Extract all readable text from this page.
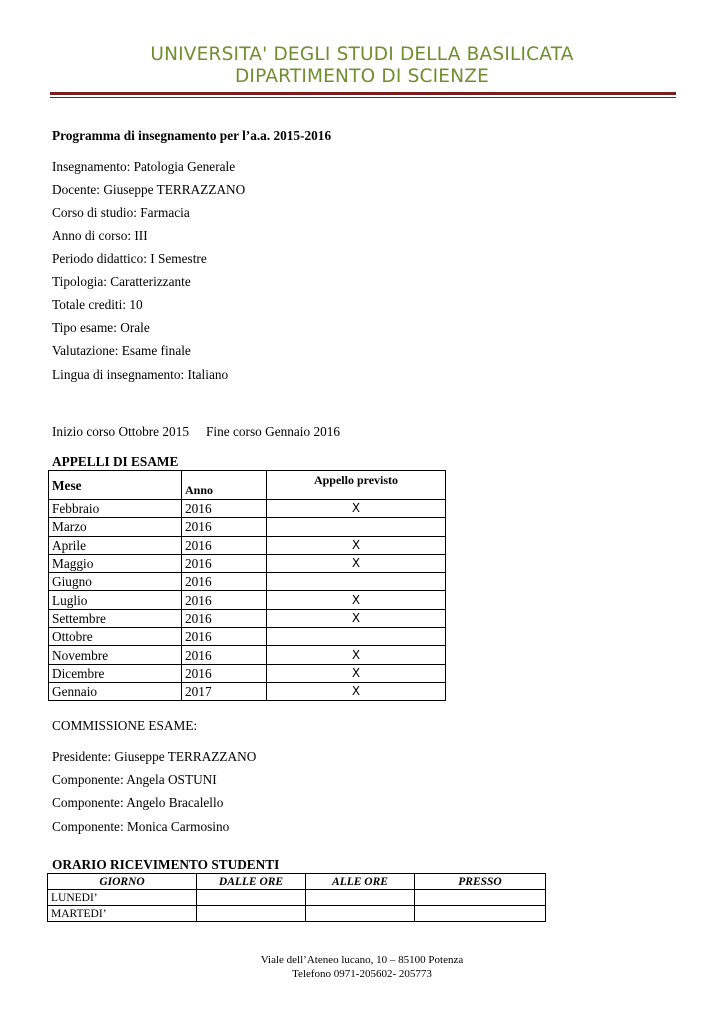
UNIVERSITA' DEGLI STUDI DELLA BASILICATA
DIPARTIMENTO DI SCIENZE
Programma di insegnamento per l’a.a. 2015-2016
Insegnamento: Patologia Generale
Docente: Giuseppe TERRAZZANO
Corso di studio: Farmacia
Anno di corso: III
Periodo didattico: I Semestre
Tipologia: Caratterizzante
Totale crediti: 10
Tipo esame: Orale
Valutazione: Esame finale
Lingua di insegnamento: Italiano
Inizio corso Ottobre 2015 Fine corso Gennaio 2016
APPELLI DI ESAME
Mese	Anno	Appello previsto
Febbraio	2016	X
Marzo	2016	
Aprile	2016	X
Maggio	2016	X
Giugno	2016	
Luglio	2016	X
Settembre	2016	X
Ottobre	2016	
Novembre	2016	X
Dicembre	2016	X
Gennaio	2017	X
COMMISSIONE ESAME:
Presidente: Giuseppe TERRAZZANO
Componente: Angela OSTUNI
Componente: Angelo Bracalello
Componente: Monica Carmosino
ORARIO RICEVIMENTO STUDENTI
GIORNO	DALLE ORE	ALLE ORE	PRESSO
LUNEDI’			
MARTEDI’			
Viale dell’Ateneo lucano, 10 – 85100 Potenza
Telefono 0971-205602- 205773
